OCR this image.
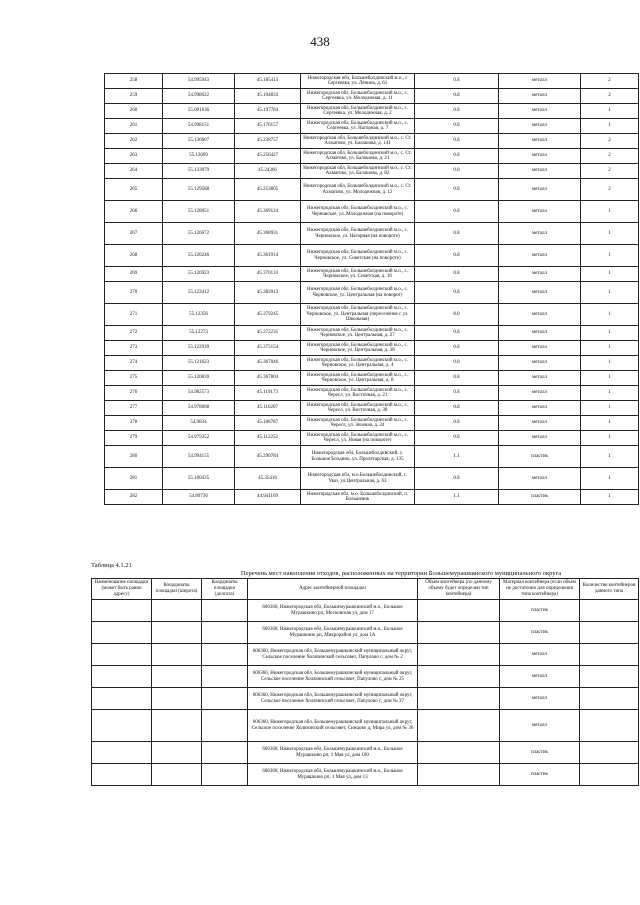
438
258	54.995943	45.185413	Нижегородская обл, Большеболдинский м.о., с Сергеевка, ул. Ленина, д. 61	0.8	металл	2
259	54.998022	45.194833	Нижегородская обл, Большеболдинский м.о., с. Сергеевка, ул. Молодежная, д. 11	0.8	металл	2
260	55.001636	45.197784	Нижегородская обл, Большеболдинский м.о., с. Сергеевка, ул. Молодежная, д. 2	0.8	металл	1
261	54.998151	45.176157	Нижегородская обл, Большеболдинский м.о., с. Сергеевка, ул. Нагорная, д. 7	0.8	металл	1
262	55.136607	45.238757	Нижегородская обл, Большеболдинский м.о., с. Ст. Ахматово, ул. Балашова, д. 141	0.8	металл	2
263	55.12609	45.256427	Нижегородская обл, Большеболдинский м.о., с. Ст. Ахматово, ул. Балашова, д. 21	0.8	металл	2
264	55.133079	45.24366	Нижегородская обл, Большеболдинский м.о., с. Ст. Ахматово, ул. Балашова, д. 82	0.8	металл	2
265	55.129588	45.253805	Нижегородская обл, Большеболдинский м.о., с. Ст. Ахматово, ул. Молодежная, д. 12	0.8	металл	2
266	55.128051	45.369124	Нижегородская обл, Большеболдинский м.о., с. Черновское, ул. Молодежная (на повороте)	0.8	металл	1
267	55.126672	45.368931	Нижегородская обл, Большеболдинский м.о., с. Черновское, ул. Нагорная (на повороте)	0.8	металл	1
268	55.126246	45.361914	Нижегородская обл, Большеболдинский м.о., с. Черновское, ул. Советская (на повороте)	0.8	металл	1
269	55.126923	45.370133	Нижегородская обл, Большеболдинский м.о., с. Черновское, ул. Советская, д. 16	0.8	металл	1
270	55.123412	45.382013	Нижегородская обл, Большеболдинский м.о., с. Черновское, ул. Центральная (на поворот)	0.8	металл	1
271	55.12356	45.379245	Нижегородская обл, Большеболдинский м.о., с. Черновское, ул. Центральная (пересечение с ул. Школьная)	8.0	металл	1
272	55.12273	45.372235	Нижегородская обл, Большеболдинский м.о., с. Черновское, ул. Центральная, д. 27	0.8	металл	1
273	55.122939	45.375154	Нижегородская обл, Большеболдинский м.о., с. Черновское, ул. Центральная, д. 38	0.8	металл	1
274	55.121623	45.367046	Нижегородская обл, Большеболдинский м.о., с. Черновское, ул. Центральная, д. 4	0.8	металл	1
275	55.120839	45.367804	Нижегородская обл, Большеболдинский м.о., с. Черновское, ул. Центральная, д. 8	0.8	металл	1
276	54.982573	45.119173	Нижегородская обл, Большеболдинский м.о., с. Чересл, ул. Восточная, д. 21	0.8	металл	1
277	54.978068	45.116207	Нижегородская обл, Большеболдинский м.о., с. Чересл, ул. Восточная, д. 38	0.8	металл	1
278	54.9834	45.108787	Нижегородская обл, Большеболдинский м.о., с. Чересл, ул. Зеленая, д. 24	0.8	металл	1
279	54.979352	45.112252	Нижегородская обл, Большеболдинский м.о., с. Чересл, ул. Новая (на повороте)	0.8	металл	1
280	54.994155	45.290784	Нижегородская обл, Большеболдинский, с. Большое Болдино, ул. Пролетарская, д. 135	1.1	пластик	1
281	55.100435	45.35416	Нижегородская обл, м.о.Большеболдинский, с. Уваз, ул.Центральная, д. 63	0.8	металл	1
282	54.89736	44.941169	Нижегородская обл, м.о. Большеболдинский, п. Большевик	1.1	пластик	1
Таблица 4.1.21
Перечень мест накопления отходов, расположенных на территории Большемурашкинского муниципального округа
Наименование площадки (может быть равно адресу)	Координаты площадки (широта)	Координаты площадки (долгота)	Адрес контейнерной площадки	Объем контейнера (по данному объему будет определен тип контейнера)	Материал контейнера (если объем не достаточно для определения типа контейнера)	Количество контейнеров данного типа
			606360, Нижегородская обл, Большемурашкинский м.о., Большое Мурашкино рп, Московская ул, дом 17		пластик	
			606360, Нижегородская обл, Большемурашкинский м.о., Большое Мурашкино рп, Микрорайон ул, дом 1А		пластик	
			606360, Нижегородская обл, Большемурашкинский муниципальный округ, Сельское поселение Холязинский сельсовет, Папулово с, дом № 2		металл	
			606360, Нижегородская обл, Большемурашкинский муниципальный округ, Сельское поселение Холязинский сельсовет, Папулово с, дом № 25		металл	
			606360, Нижегородская обл, Большемурашкинский муниципальный округ, Сельское поселение Холязинский сельсовет, Папулово с, дом № 37		металл	
			606360, Нижегородская обл, Большемурашкинский муниципальный округ, Сельское поселение Холязинский сельсовет, Синцово д, Мира ул, дом № 36		металл	
			606360, Нижегородская обл, Большемурашкинский м.о., Большое Мурашкино рп, 1 Мая ул, дом 100		пластик	
			606360, Нижегородская обл, Большемурашкинский м.о., Большое Мурашкино рп, 1 Мая ул, дом 13		пластик	
